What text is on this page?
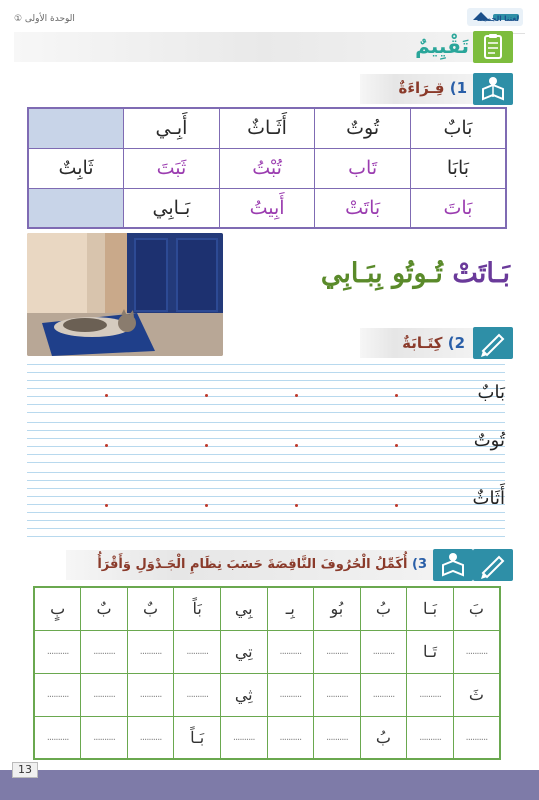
الوحدة الأولى ①	لغتنا الجميلة
تَقْيِيمٌ
1) قِـرَاءَةٌ
بَابٌ	تُوتٌ	أَثَـاثٌ	أَبِـي	
بَابَا	تَاب	تُبْتُ	ثَبَتَ	ثَابِتٌ
بَاتَ	بَاتَتْ	أَبِيتُ	بَـابِي	
بَـاتَتْ تُـوتُو بِبَـابِي
2) كِتَـابَةٌ
بَابٌ
تُوتٌ
أَثَاثٌ
3) أُكَمِّلُ الْحُرُوفَ النَّاقِصَةَ حَسَبَ نِظَامِ الْجَـدْوَلِ وَأَقْرَأُ
بَ	بَـا	بُ	بُو	بِـ	بِي	بَاً	بٌ	بٌ	بٍ
..........	تَـا	..........	..........	..........	تِي	..........	..........	..........	..........
ثَ	..........	..........	..........	..........	ثِي	..........	..........	..........	..........
..........	..........	بُ	..........	..........	..........	بَـاً	..........	..........	..........
13
